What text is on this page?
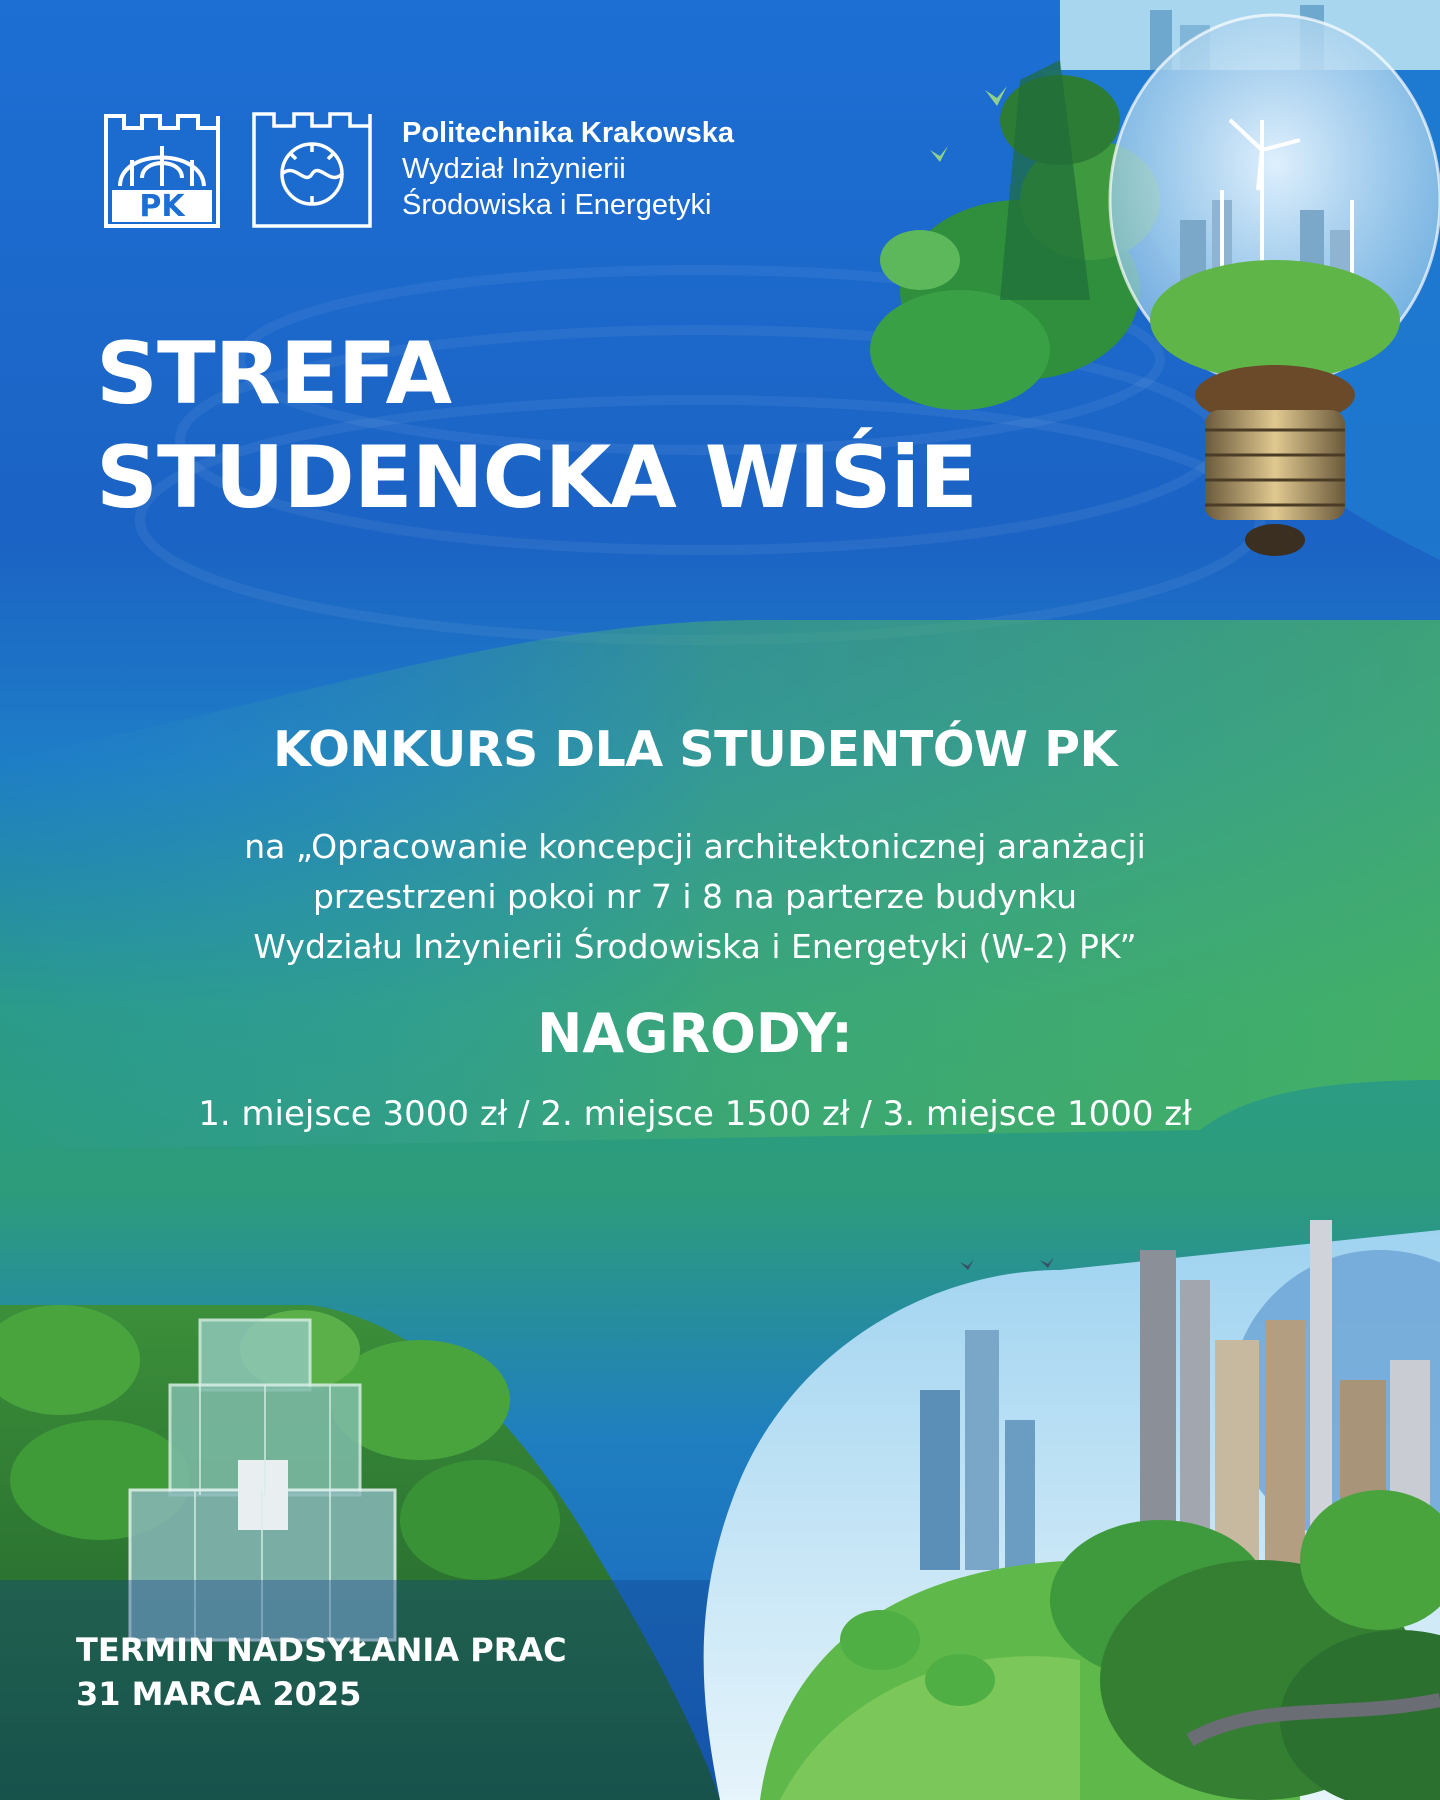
PK
Politechnika Krakowska
Wydział Inżynierii
Środowiska i Energetyki
STREFA
STUDENCKA WIŚiE
KONKURS DLA STUDENTÓW PK
na „Opracowanie koncepcji architektonicznej aranżacji
przestrzeni pokoi nr 7 i 8 na parterze budynku
Wydziału Inżynierii Środowiska i Energetyki (W-2) PK”
NAGRODY:
1. miejsce 3000 zł / 2. miejsce 1500 zł / 3. miejsce 1000 zł
TERMIN NADSYŁANIA PRAC
31 MARCA 2025
